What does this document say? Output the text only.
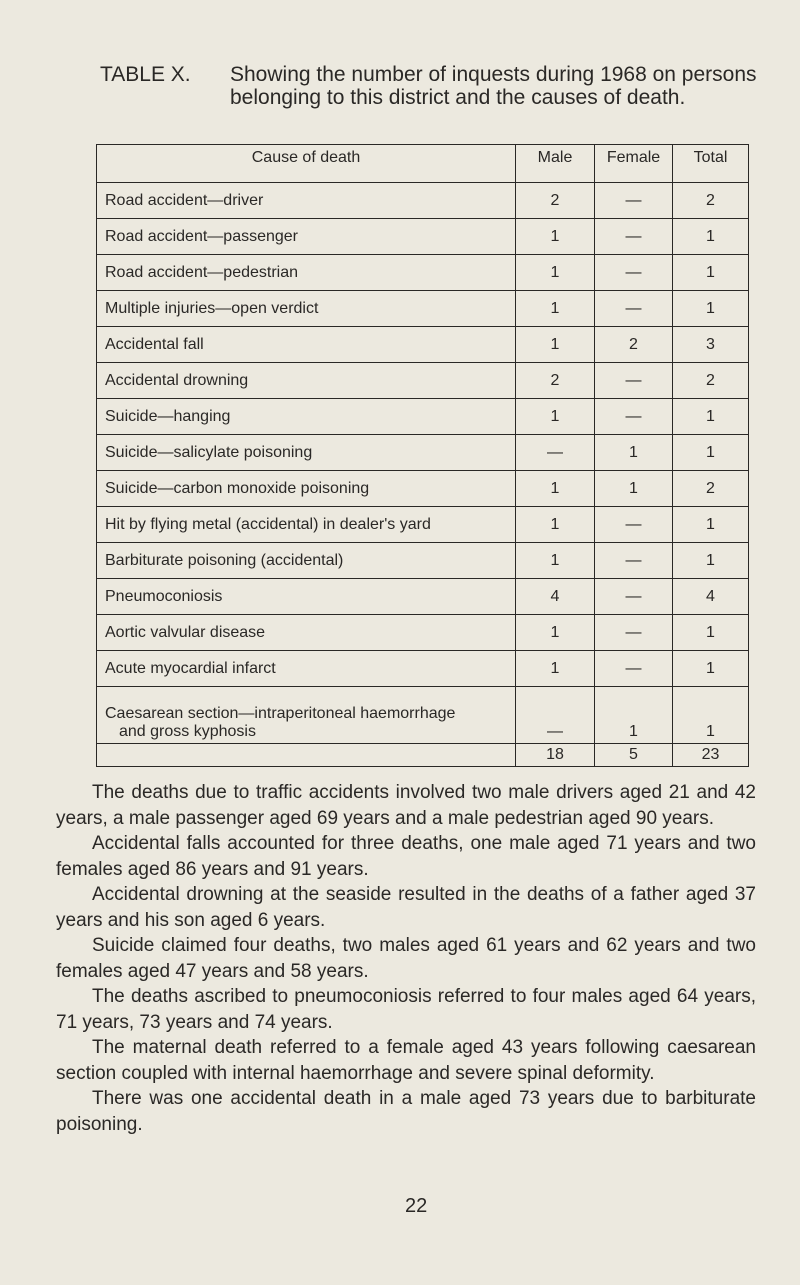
TABLE X. Showing the number of inquests during 1968 on persons belonging to this district and the causes of death.
Cause of death	Male	Female	Total
Road accident—driver	2	—	2
Road accident—passenger	1	—	1
Road accident—pedestrian	1	—	1
Multiple injuries—open verdict	1	—	1
Accidental fall	1	2	3
Accidental drowning	2	—	2
Suicide—hanging	1	—	1
Suicide—salicylate poisoning	—	1	1
Suicide—carbon monoxide poisoning	1	1	2
Hit by flying metal (accidental) in dealer's yard	1	—	1
Barbiturate poisoning (accidental)	1	—	1
Pneumoconiosis	4	—	4
Aortic valvular disease	1	—	1
Acute myocardial infarct	1	—	1

Caesarean section—intraperitoneal haemorrhage
and gross kyphosis	—	1	1
	18	5	23

The deaths due to traffic accidents involved two male drivers aged 21 and 42 years, a male passenger aged 69 years and a male pedestrian aged 90 years.

Accidental falls accounted for three deaths, one male aged 71 years and two females aged 86 years and 91 years.

Accidental drowning at the seaside resulted in the deaths of a father aged 37 years and his son aged 6 years.

Suicide claimed four deaths, two males aged 61 years and 62 years and two females aged 47 years and 58 years.

The deaths ascribed to pneumoconiosis referred to four males aged 64 years, 71 years, 73 years and 74 years.

The maternal death referred to a female aged 43 years following caesarean section coupled with internal haemorrhage and severe spinal deformity.

There was one accidental death in a male aged 73 years due to barbiturate poisoning.

22
